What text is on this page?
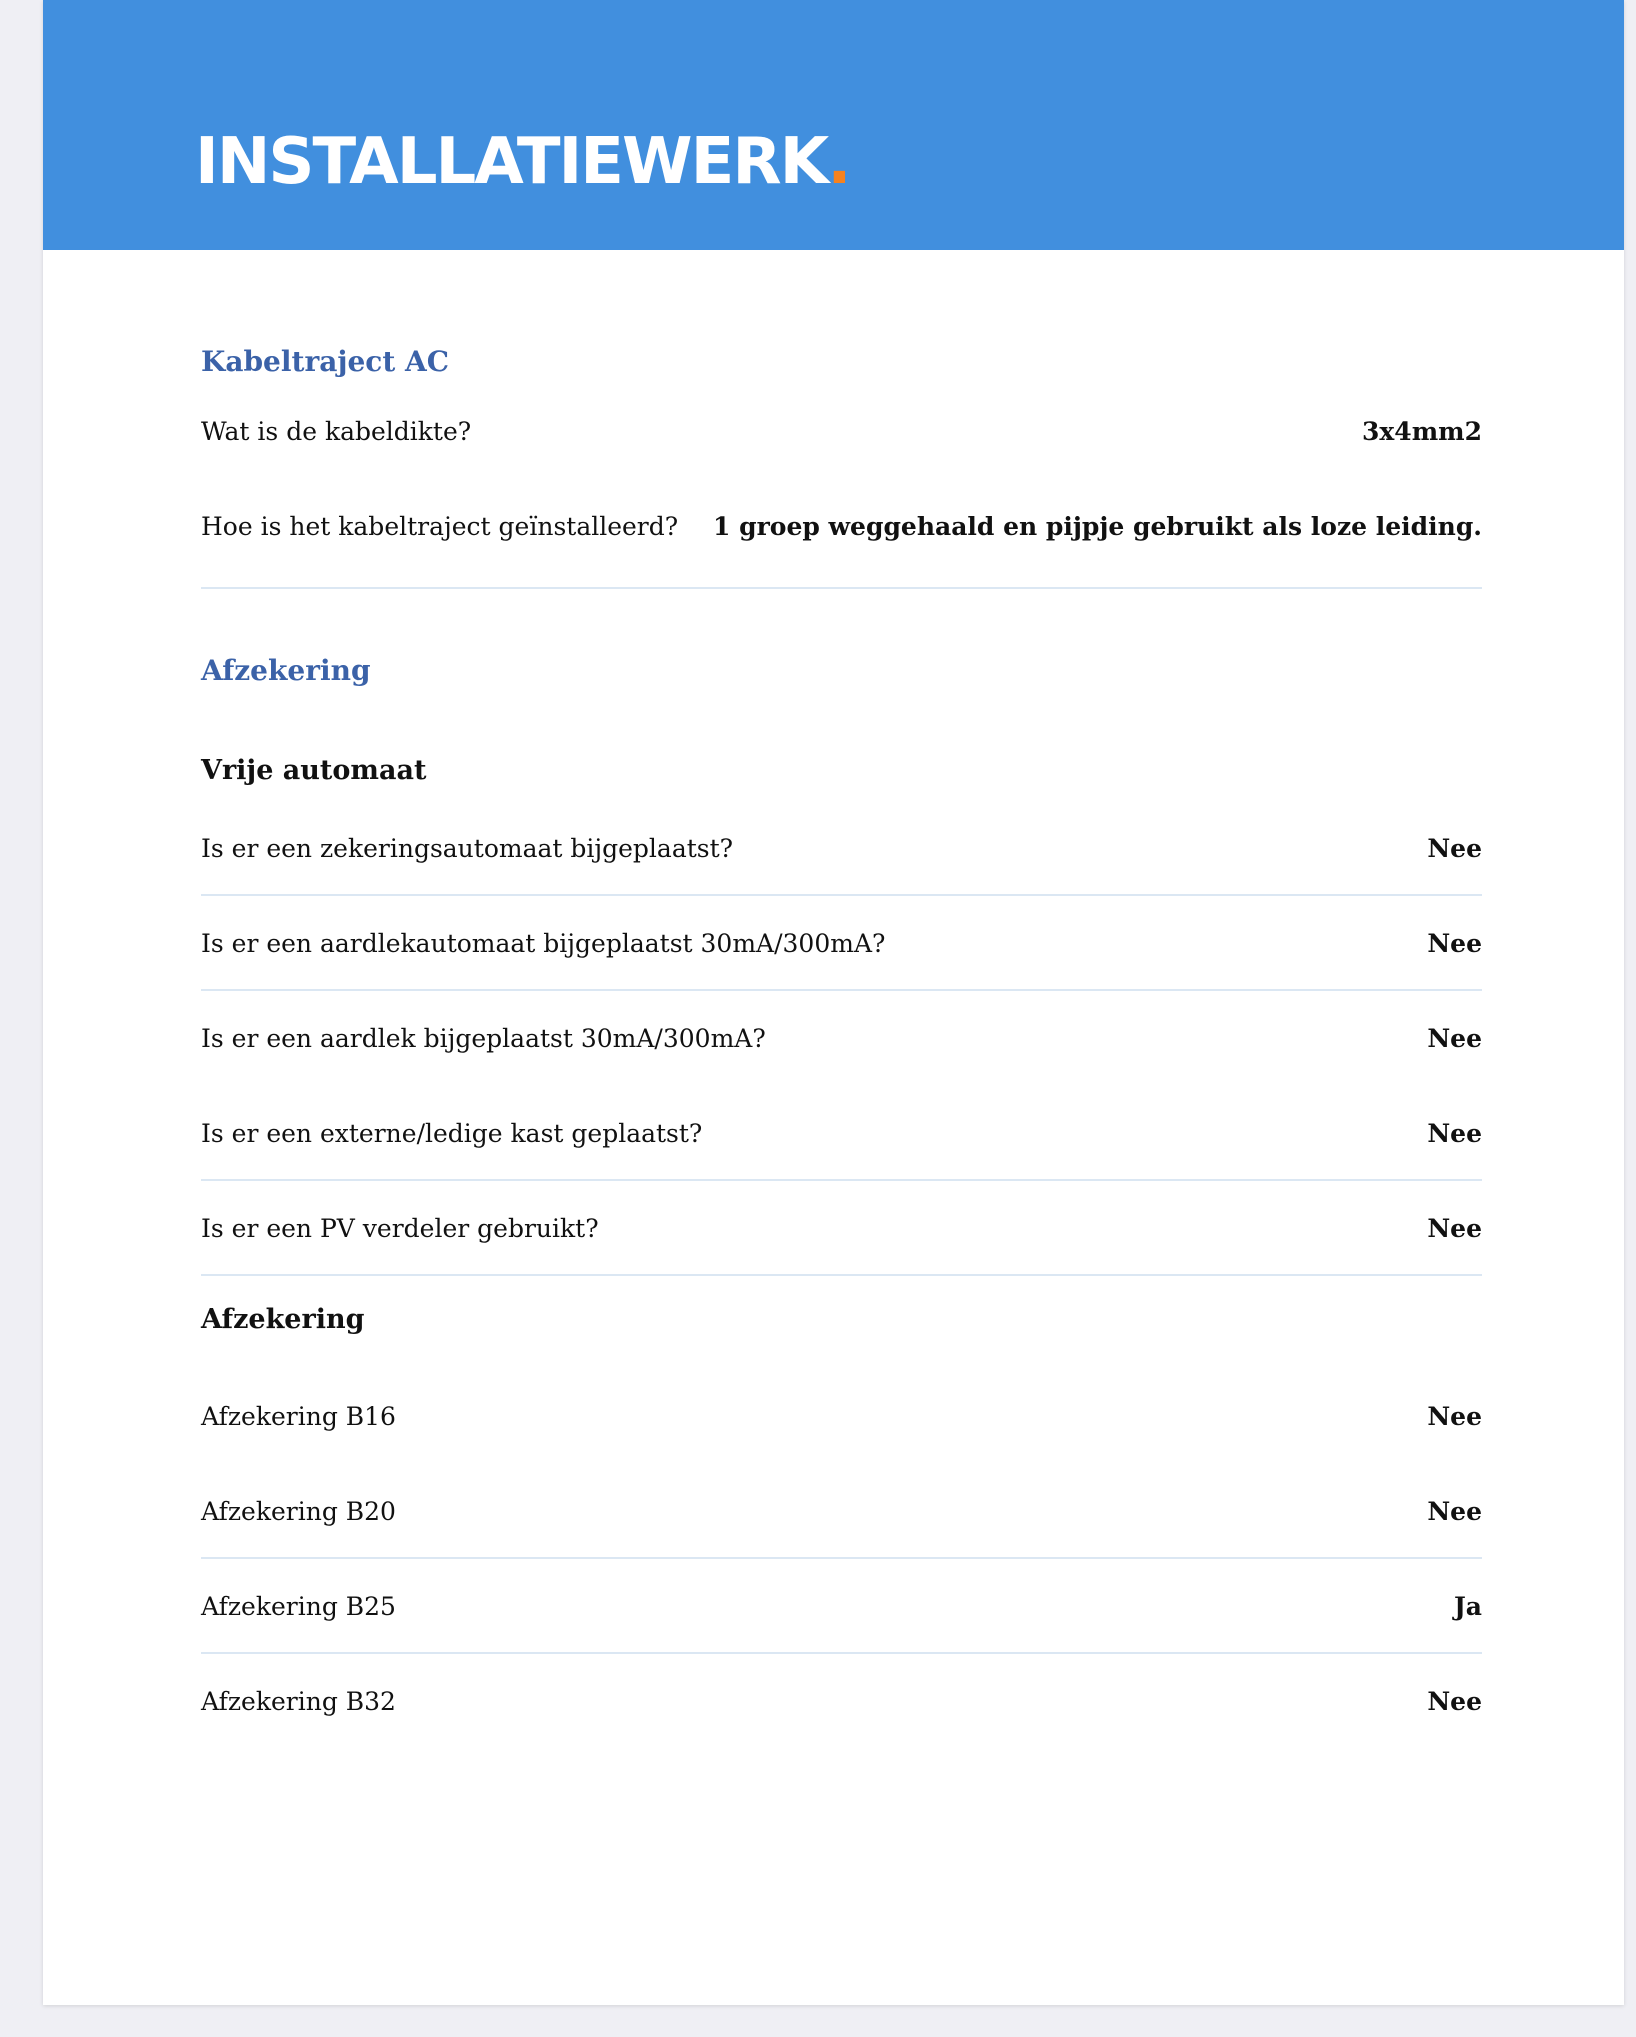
INSTALLATIEWERK.
Kabeltraject AC
Wat is de kabeldikte?	3x4mm2
Hoe is het kabeltraject geïnstalleerd? 1 groep weggehaald en pijpje gebruikt als loze leiding.
Afzekering
Vrije automaat
Is er een zekeringsautomaat bijgeplaatst?	Nee
Is er een aardlekautomaat bijgeplaatst 30mA/300mA?	Nee
Is er een aardlek bijgeplaatst 30mA/300mA?	Nee
Is er een externe/ledige kast geplaatst?	Nee
Is er een PV verdeler gebruikt?	Nee
Afzekering
Afzekering B16	Nee
Afzekering B20	Nee
Afzekering B25	Ja
Afzekering B32	Nee
